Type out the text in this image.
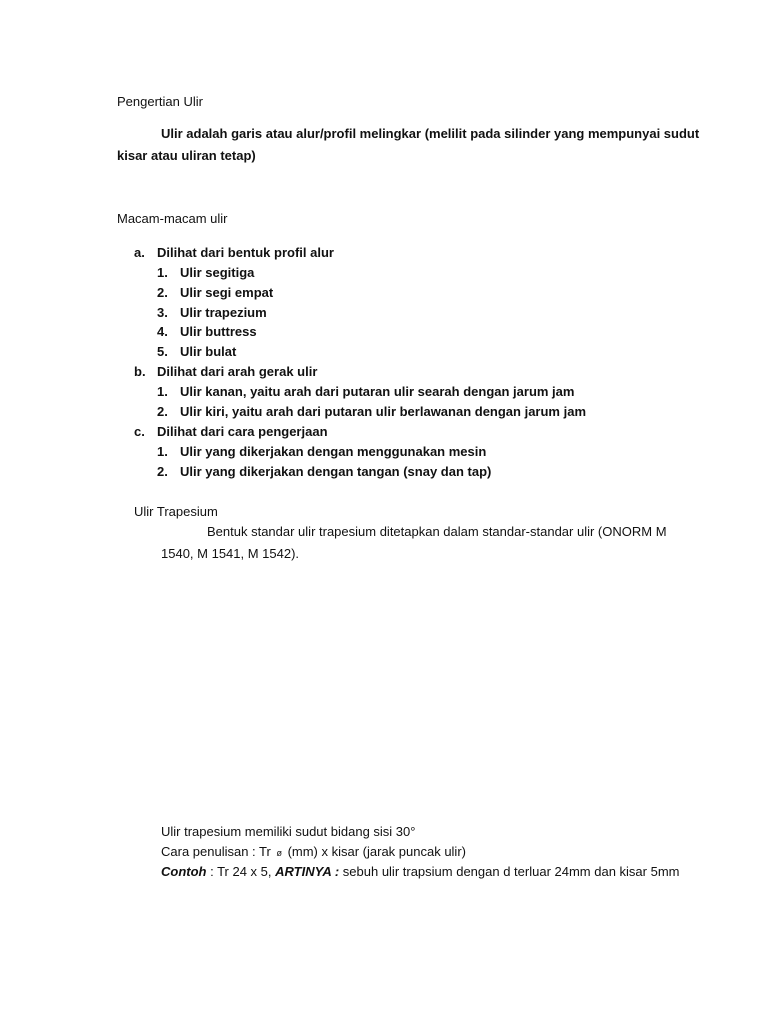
Pengertian Ulir
Ulir adalah garis atau alur/profil melingkar (melilit pada silinder yang mempunyai sudut
kisar atau uliran tetap)
Macam-macam ulir
a. Dilihat dari bentuk profil alur
1. Ulir segitiga
2. Ulir segi empat
3. Ulir trapezium
4. Ulir buttress
5. Ulir bulat
b. Dilihat dari arah gerak ulir
1. Ulir kanan, yaitu arah dari putaran ulir searah dengan jarum jam
2. Ulir kiri, yaitu arah dari putaran ulir berlawanan dengan jarum jam
c. Dilihat dari cara pengerjaan
1. Ulir yang dikerjakan dengan menggunakan mesin
2. Ulir yang dikerjakan dengan tangan (snay dan tap)
Ulir Trapesium
Bentuk standar ulir trapesium ditetapkan dalam standar-standar ulir (ONORM M
1540, M 1541, M 1542).
Ulir trapesium memiliki sudut bidang sisi 30°
Cara penulisan : Tr ø (mm) x kisar (jarak puncak ulir)
Contoh : Tr 24 x 5, ARTINYA : sebuh ulir trapsium dengan d terluar 24mm dan kisar 5mm
